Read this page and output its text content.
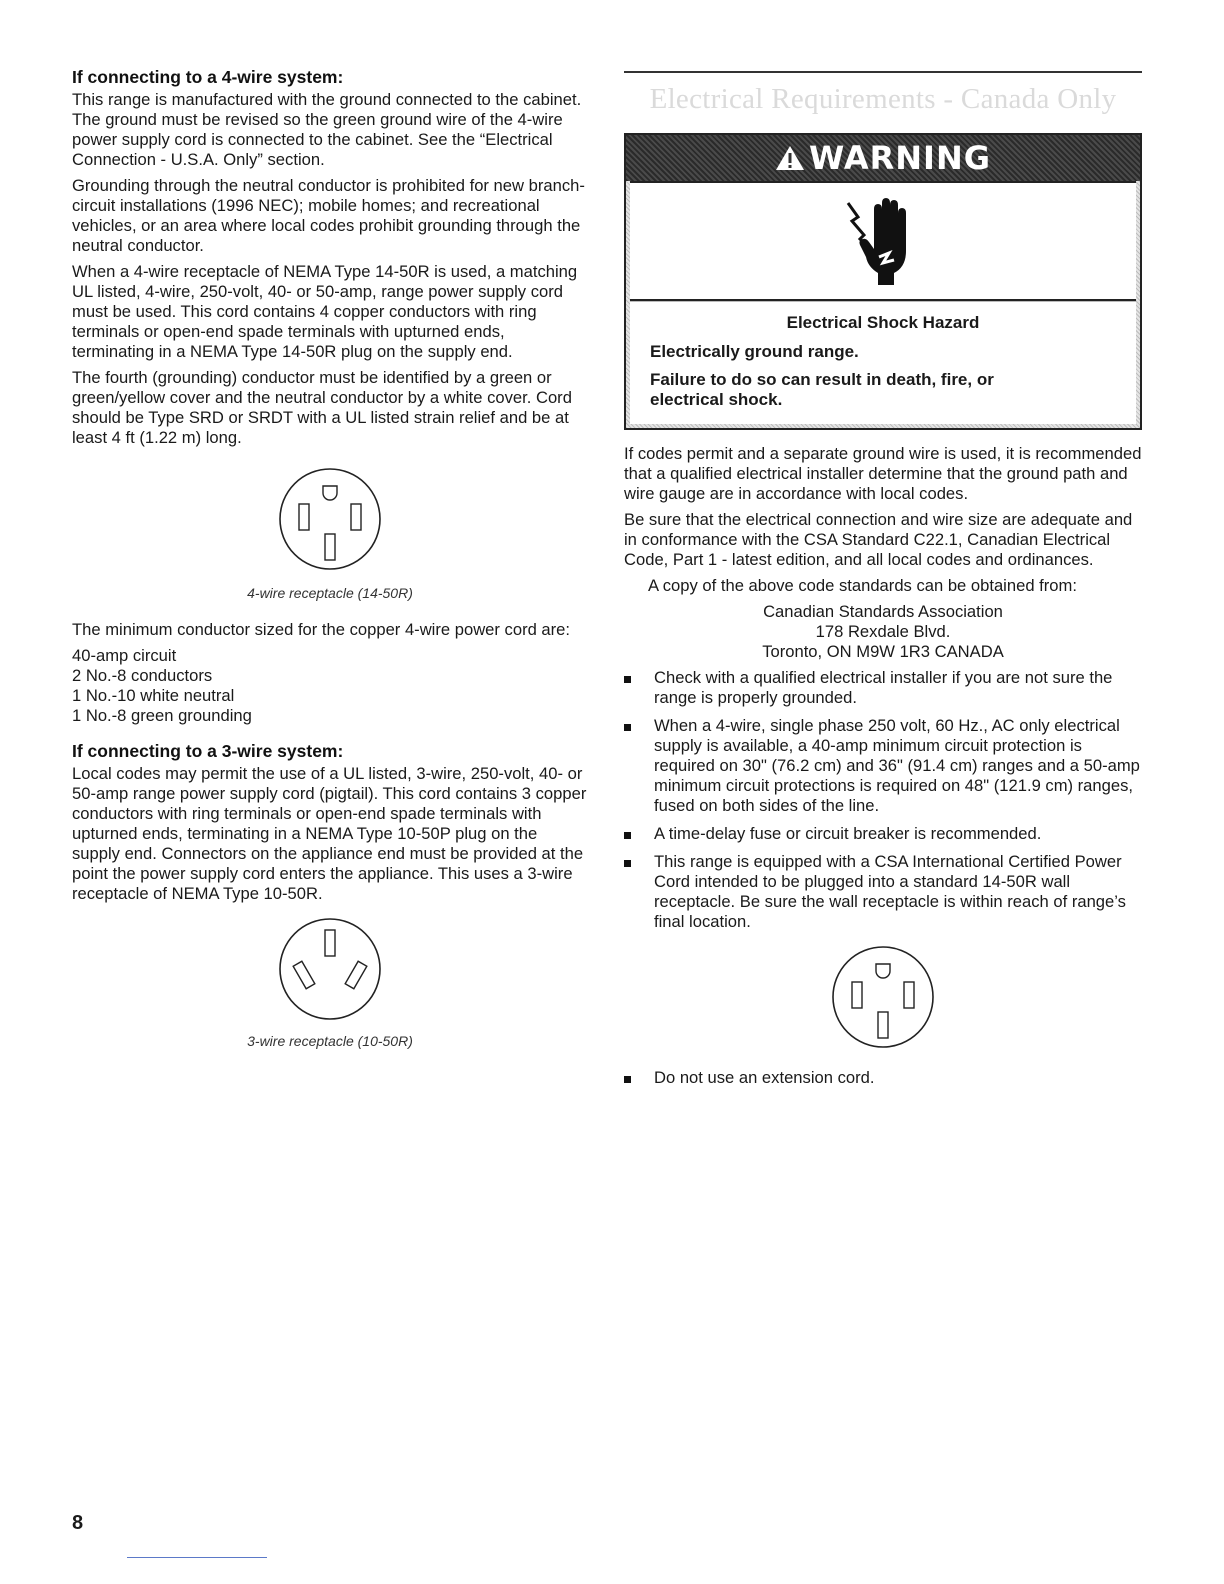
If connecting to a 4-wire system:

This range is manufactured with the ground connected to the cabinet. The ground must be revised so the green ground wire of the 4-wire power supply cord is connected to the cabinet. See the “Electrical Connection - U.S.A. Only” section.

Grounding through the neutral conductor is prohibited for new branch-circuit installations (1996 NEC); mobile homes; and recreational vehicles, or an area where local codes prohibit grounding through the neutral conductor.

When a 4-wire receptacle of NEMA Type 14-50R is used, a matching UL listed, 4-wire, 250-volt, 40- or 50-amp, range power supply cord must be used. This cord contains 4 copper conductors with ring terminals or open-end spade terminals with upturned ends, terminating in a NEMA Type 14-50R plug on the supply end.

The fourth (grounding) conductor must be identified by a green or green/yellow cover and the neutral conductor by a white cover. Cord should be Type SRD or SRDT with a UL listed strain relief and be at least 4 ft (1.22 m) long.

4-wire receptacle (14-50R)

The minimum conductor sized for the copper 4-wire power cord are:

40-amp circuit

2 No.-8 conductors

1 No.-10 white neutral

1 No.-8 green grounding

If connecting to a 3-wire system:

Local codes may permit the use of a UL listed, 3-wire, 250-volt, 40- or 50-amp range power supply cord (pigtail). This cord contains 3 copper conductors with ring terminals or open-end spade terminals with upturned ends, terminating in a NEMA Type 10-50P plug on the supply end. Connectors on the appliance end must be provided at the point the power supply cord enters the appliance. This uses a 3-wire receptacle of NEMA Type 10-50R.

3-wire receptacle (10-50R)
Electrical Requirements - Canada Only
WARNING
Electrical Shock Hazard
Electrically ground range.
Failure to do so can result in death, fire, or electrical shock.

If codes permit and a separate ground wire is used, it is recommended that a qualified electrical installer determine that the ground path and wire gauge are in accordance with local codes.

Be sure that the electrical connection and wire size are adequate and in conformance with the CSA Standard C22.1, Canadian Electrical Code, Part 1 - latest edition, and all local codes and ordinances.

A copy of the above code standards can be obtained from:

Canadian Standards Association
178 Rexdale Blvd.
Toronto, ON M9W 1R3 CANADA
Check with a qualified electrical installer if you are not sure the range is properly grounded.
When a 4-wire, single phase 250 volt, 60 Hz., AC only electrical supply is available, a 40-amp minimum circuit protection is required on 30" (76.2 cm) and 36" (91.4 cm) ranges and a 50-amp minimum circuit protections is required on 48" (121.9 cm) ranges, fused on both sides of the line.
A time-delay fuse or circuit breaker is recommended.
This range is equipped with a CSA International Certified Power Cord intended to be plugged into a standard 14-50R wall receptacle. Be sure the wall receptacle is within reach of range’s final location.
Do not use an extension cord.
8
